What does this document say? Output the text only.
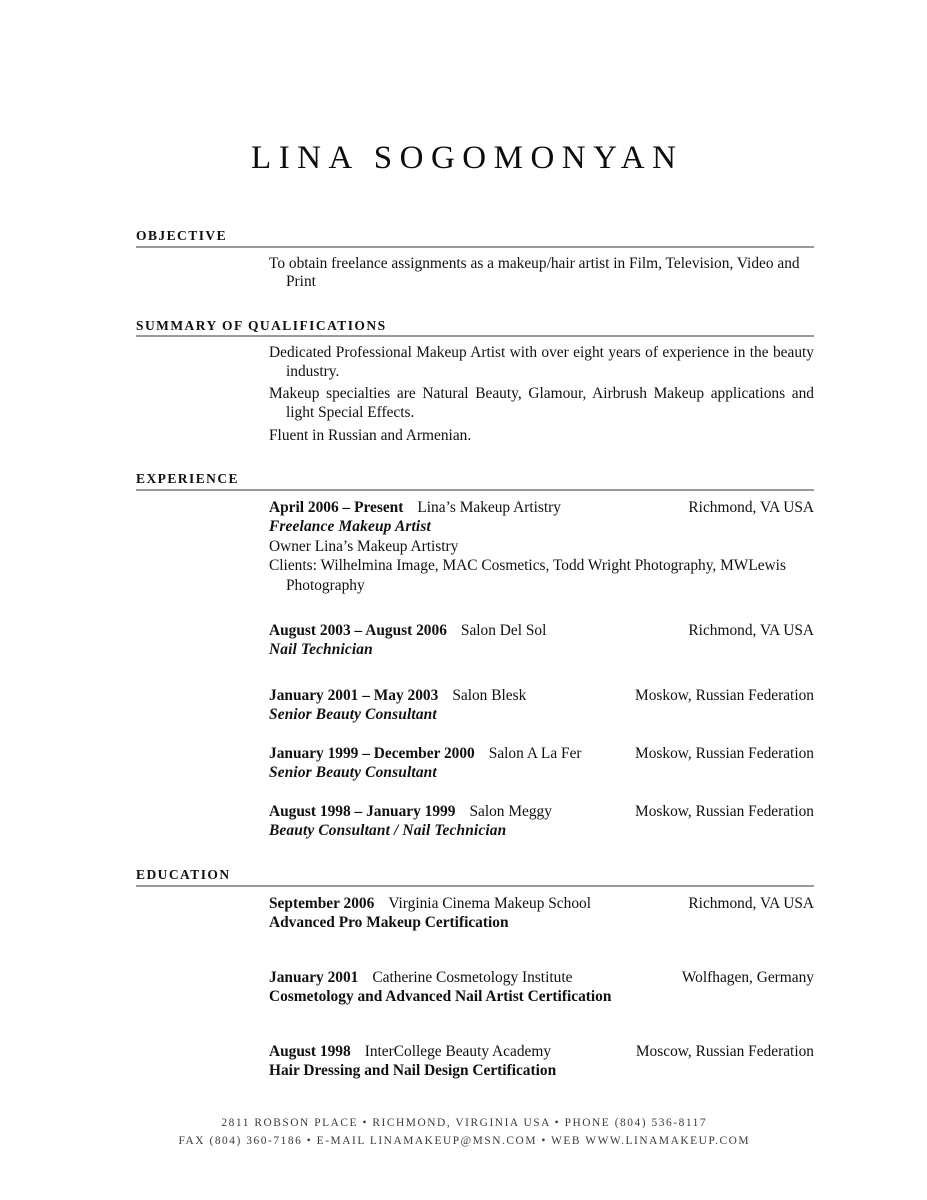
LINA SOGOMONYAN
OBJECTIVE
To obtain freelance assignments as a makeup/hair artist in Film, Television, Video and Print
SUMMARY OF QUALIFICATIONS
Dedicated Professional Makeup Artist with over eight years of experience in the beauty industry.
Makeup specialties are Natural Beauty, Glamour, Airbrush Makeup applications and light Special Effects.
Fluent in Russian and Armenian.
EXPERIENCE
April 2006 – Present Lina’s Makeup Artistry	Richmond, VA USA
Freelance Makeup Artist
Owner Lina’s Makeup Artistry
Clients: Wilhelmina Image, MAC Cosmetics, Todd Wright Photography, MWLewis Photography
August 2003 – August 2006 Salon Del Sol	Richmond, VA USA
Nail Technician
January 2001 – May 2003 Salon Blesk	Moskow, Russian Federation
Senior Beauty Consultant
January 1999 – December 2000 Salon A La Fer	Moskow, Russian Federation
Senior Beauty Consultant
August 1998 – January 1999 Salon Meggy	Moskow, Russian Federation
Beauty Consultant / Nail Technician
EDUCATION
September 2006 Virginia Cinema Makeup School	Richmond, VA USA
Advanced Pro Makeup Certification
January 2001 Catherine Cosmetology Institute	Wolfhagen, Germany
Cosmetology and Advanced Nail Artist Certification
August 1998 InterCollege Beauty Academy	Moscow, Russian Federation
Hair Dressing and Nail Design Certification
2811 ROBSON PLACE • RICHMOND, VIRGINIA USA • PHONE (804) 536-8117
FAX (804) 360-7186 • E-MAIL LINAMAKEUP@MSN.COM • WEB WWW.LINAMAKEUP.COM
